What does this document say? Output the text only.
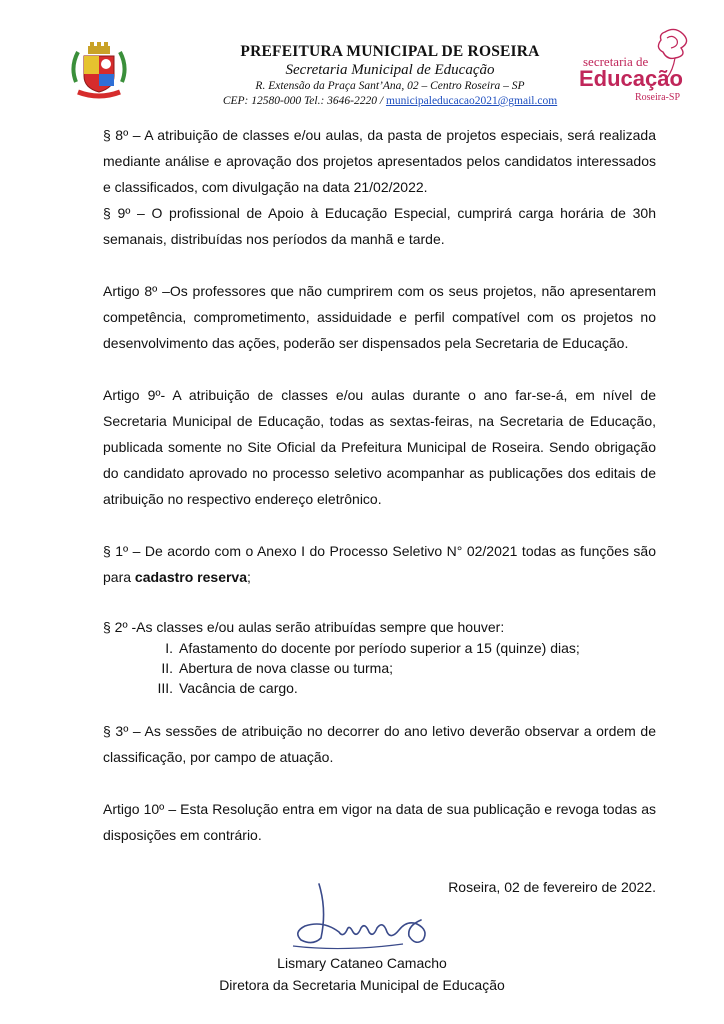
PREFEITURA MUNICIPAL DE ROSEIRA
Secretaria Municipal de Educação
R. Extensão da Praça Sant’Ana, 02 – Centro Roseira – SP
CEP: 12580-000 Tel.: 3646-2220 / municipaleducacao2021@gmail.com
secretaria de
Educação
Roseira-SP

§ 8º – A atribuição de classes e/ou aulas, da pasta de projetos especiais, será realizada mediante análise e aprovação dos projetos apresentados pelos candidatos interessados e classificados, com divulgação na data 21/02/2022.

§ 9º – O profissional de Apoio à Educação Especial, cumprirá carga horária de 30h semanais, distribuídas nos períodos da manhã e tarde.

Artigo 8º –Os professores que não cumprirem com os seus projetos, não apresentarem competência, comprometimento, assiduidade e perfil compatível com os projetos no desenvolvimento das ações, poderão ser dispensados pela Secretaria de Educação.

Artigo 9º- A atribuição de classes e/ou aulas durante o ano far-se-á, em nível de Secretaria Municipal de Educação, todas as sextas-feiras, na Secretaria de Educação, publicada somente no Site Oficial da Prefeitura Municipal de Roseira. Sendo obrigação do candidato aprovado no processo seletivo acompanhar as publicações dos editais de atribuição no respectivo endereço eletrônico.

§ 1º – De acordo com o Anexo I do Processo Seletivo N° 02/2021 todas as funções são para cadastro reserva;

§ 2º -As classes e/ou aulas serão atribuídas sempre que houver:

I. Afastamento do docente por período superior a 15 (quinze) dias;
II. Abertura de nova classe ou turma;
III. Vacância de cargo.

§ 3º – As sessões de atribuição no decorrer do ano letivo deverão observar a ordem de classificação, por campo de atuação.

Artigo 10º – Esta Resolução entra em vigor na data de sua publicação e revoga todas as disposições em contrário.

Roseira, 02 de fevereiro de 2022.

Lismary Cataneo Camacho
Diretora da Secretaria Municipal de Educação
